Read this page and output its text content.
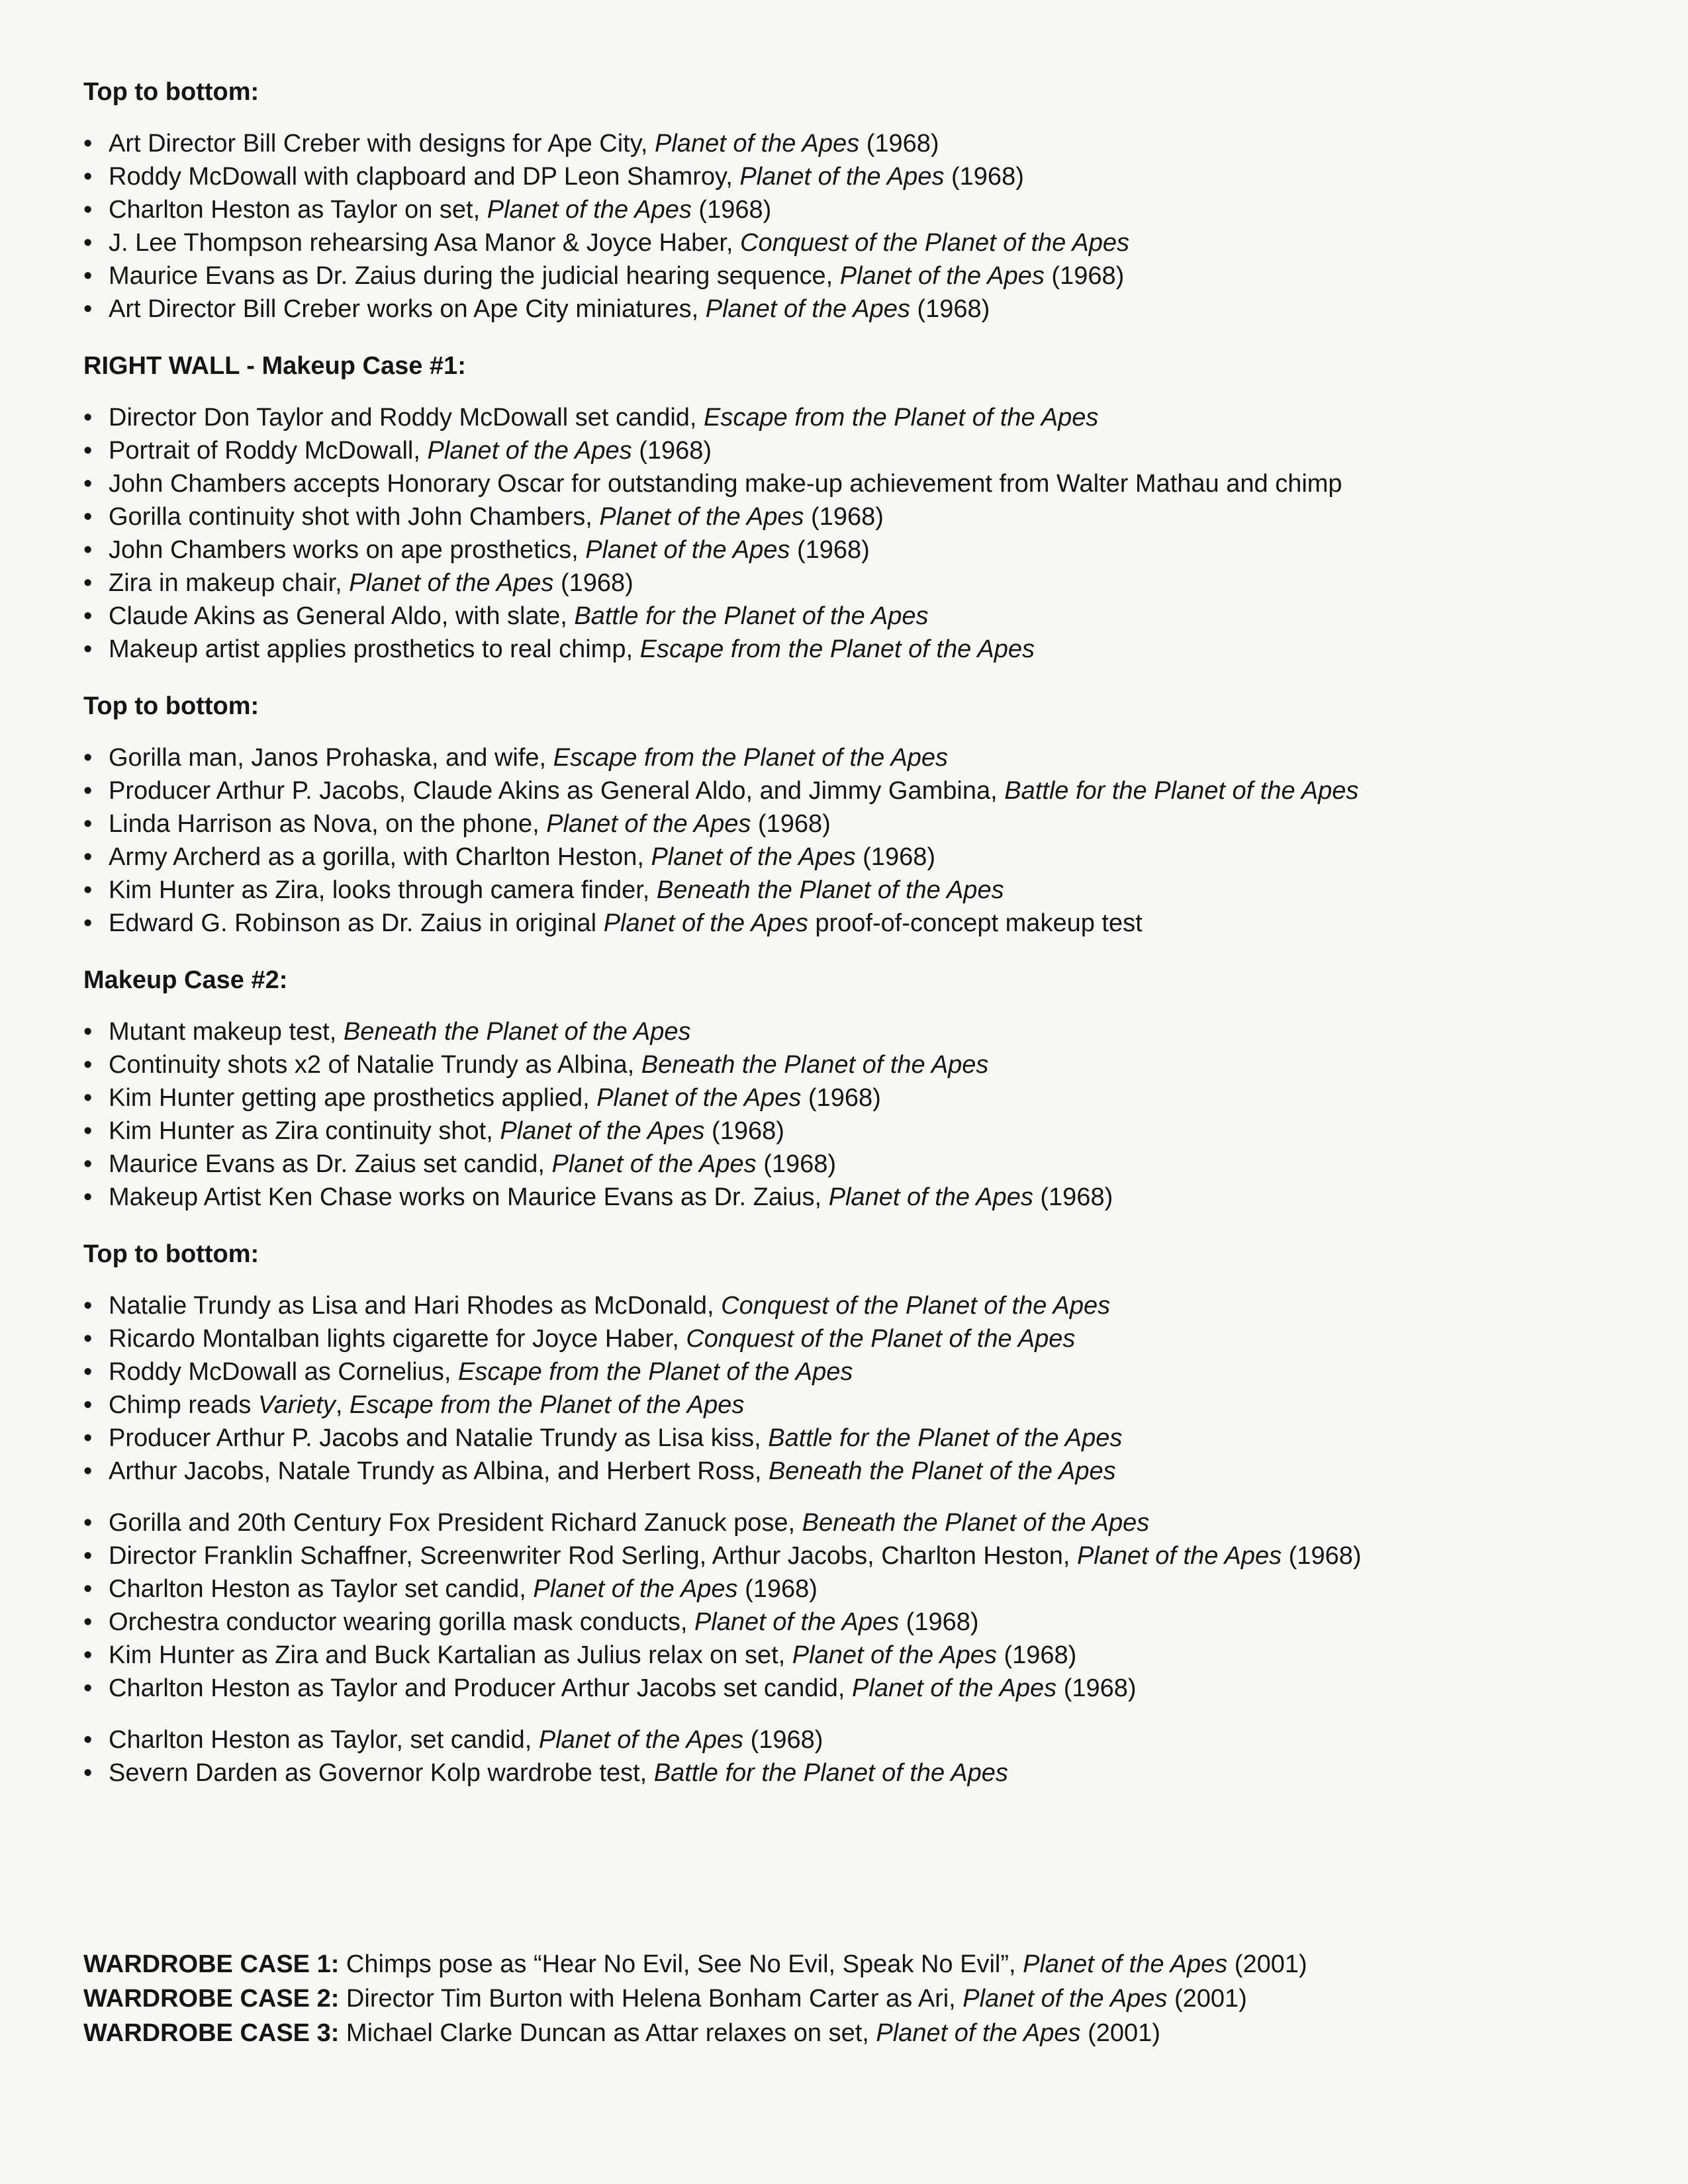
Top to bottom:

• Art Director Bill Creber with designs for Ape City, Planet of the Apes (1968)
• Roddy McDowall with clapboard and DP Leon Shamroy, Planet of the Apes (1968)
• Charlton Heston as Taylor on set, Planet of the Apes (1968)
• J. Lee Thompson rehearsing Asa Manor & Joyce Haber, Conquest of the Planet of the Apes
• Maurice Evans as Dr. Zaius during the judicial hearing sequence, Planet of the Apes (1968)
• Art Director Bill Creber works on Ape City miniatures, Planet of the Apes (1968)

RIGHT WALL - Makeup Case #1:

• Director Don Taylor and Roddy McDowall set candid, Escape from the Planet of the Apes
• Portrait of Roddy McDowall, Planet of the Apes (1968)
• John Chambers accepts Honorary Oscar for outstanding make-up achievement from Walter Mathau and chimp
• Gorilla continuity shot with John Chambers, Planet of the Apes (1968)
• John Chambers works on ape prosthetics, Planet of the Apes (1968)
• Zira in makeup chair, Planet of the Apes (1968)
• Claude Akins as General Aldo, with slate, Battle for the Planet of the Apes
• Makeup artist applies prosthetics to real chimp, Escape from the Planet of the Apes

Top to bottom:

• Gorilla man, Janos Prohaska, and wife, Escape from the Planet of the Apes
• Producer Arthur P. Jacobs, Claude Akins as General Aldo, and Jimmy Gambina, Battle for the Planet of the Apes
• Linda Harrison as Nova, on the phone, Planet of the Apes (1968)
• Army Archerd as a gorilla, with Charlton Heston, Planet of the Apes (1968)
• Kim Hunter as Zira, looks through camera finder, Beneath the Planet of the Apes
• Edward G. Robinson as Dr. Zaius in original Planet of the Apes proof-of-concept makeup test

Makeup Case #2:

• Mutant makeup test, Beneath the Planet of the Apes
• Continuity shots x2 of Natalie Trundy as Albina, Beneath the Planet of the Apes
• Kim Hunter getting ape prosthetics applied, Planet of the Apes (1968)
• Kim Hunter as Zira continuity shot, Planet of the Apes (1968)
• Maurice Evans as Dr. Zaius set candid, Planet of the Apes (1968)
• Makeup Artist Ken Chase works on Maurice Evans as Dr. Zaius, Planet of the Apes (1968)

Top to bottom:

• Natalie Trundy as Lisa and Hari Rhodes as McDonald, Conquest of the Planet of the Apes
• Ricardo Montalban lights cigarette for Joyce Haber, Conquest of the Planet of the Apes
• Roddy McDowall as Cornelius, Escape from the Planet of the Apes
• Chimp reads Variety, Escape from the Planet of the Apes
• Producer Arthur P. Jacobs and Natalie Trundy as Lisa kiss, Battle for the Planet of the Apes
• Arthur Jacobs, Natale Trundy as Albina, and Herbert Ross, Beneath the Planet of the Apes
• Gorilla and 20th Century Fox President Richard Zanuck pose, Beneath the Planet of the Apes
• Director Franklin Schaffner, Screenwriter Rod Serling, Arthur Jacobs, Charlton Heston, Planet of the Apes (1968)
• Charlton Heston as Taylor set candid, Planet of the Apes (1968)
• Orchestra conductor wearing gorilla mask conducts, Planet of the Apes (1968)
• Kim Hunter as Zira and Buck Kartalian as Julius relax on set, Planet of the Apes (1968)
• Charlton Heston as Taylor and Producer Arthur Jacobs set candid, Planet of the Apes (1968)
• Charlton Heston as Taylor, set candid, Planet of the Apes (1968)
• Severn Darden as Governor Kolp wardrobe test, Battle for the Planet of the Apes
WARDROBE CASE 1: Chimps pose as “Hear No Evil, See No Evil, Speak No Evil”, Planet of the Apes (2001)
WARDROBE CASE 2: Director Tim Burton with Helena Bonham Carter as Ari, Planet of the Apes (2001)
WARDROBE CASE 3: Michael Clarke Duncan as Attar relaxes on set, Planet of the Apes (2001)
